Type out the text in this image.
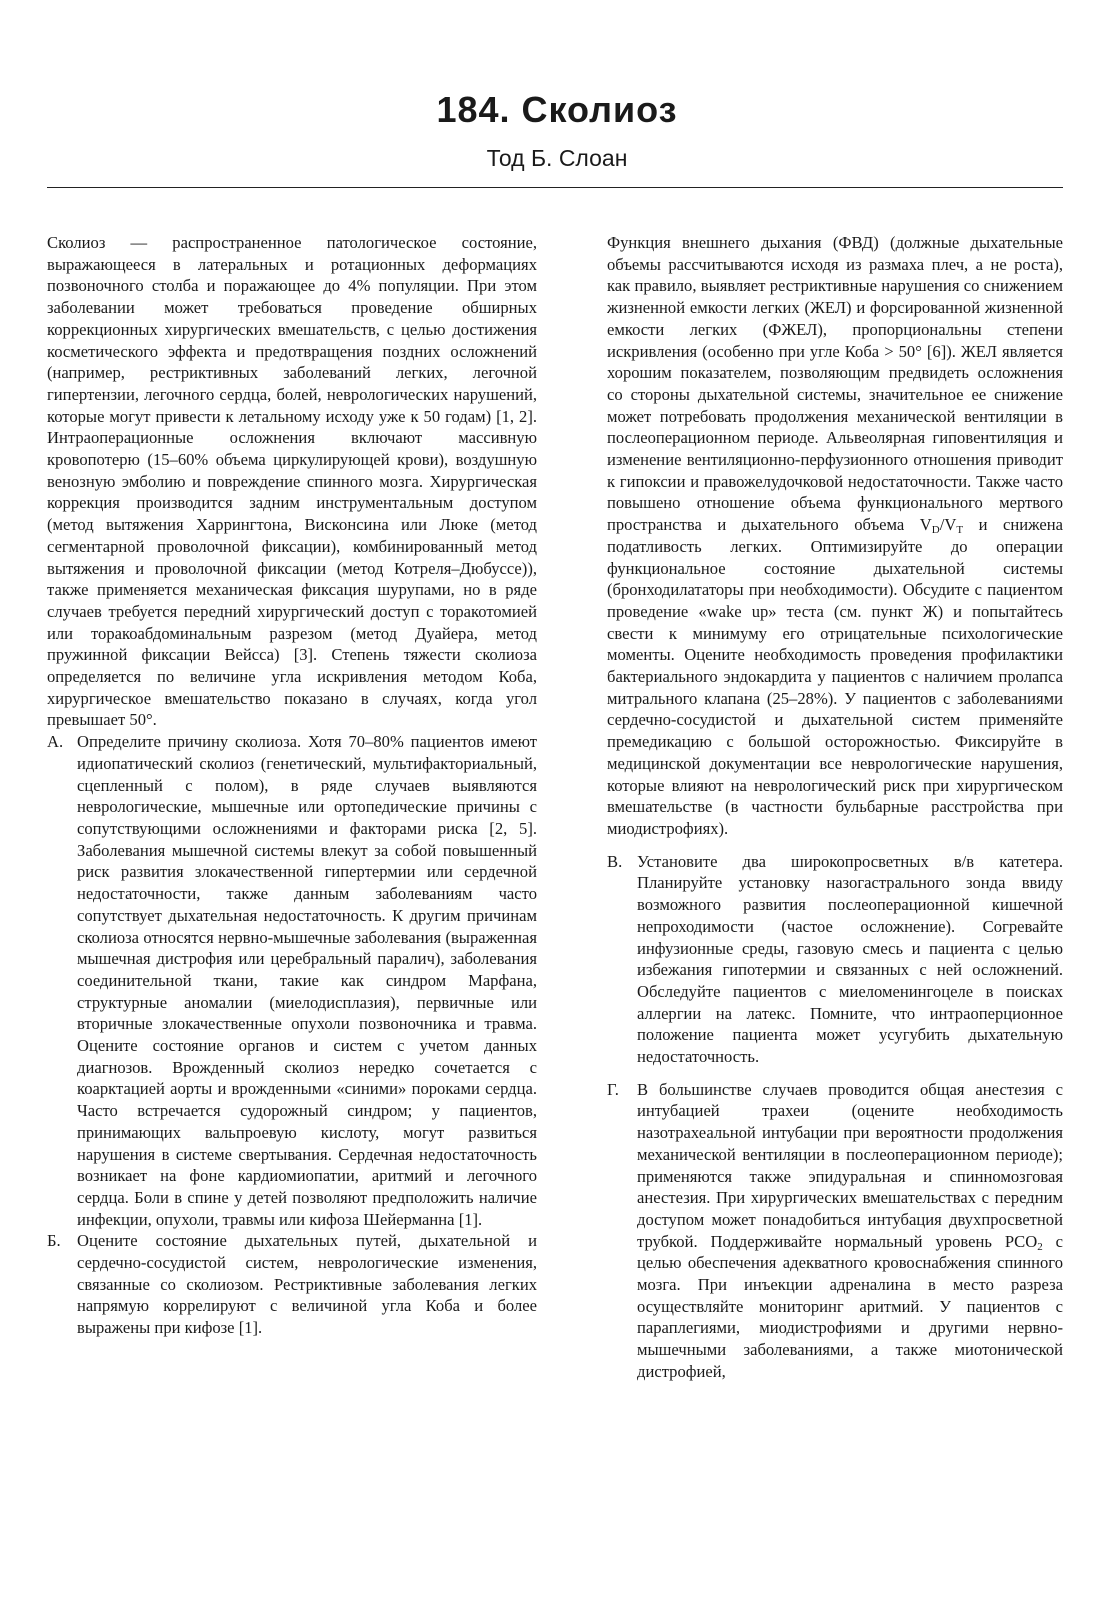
184. Сколиоз
Тод Б. Слоан

Сколиоз — распространенное патологическое состояние, выражающееся в латеральных и ротационных деформациях позвоночного столба и поражающее до 4% популяции. При этом заболевании может требоваться проведение обширных коррекционных хирургических вмешательств, с целью достижения косметического эффекта и предотвращения поздних осложнений (например, рестриктивных заболеваний легких, легочной гипертензии, легочного сердца, болей, неврологических нарушений, которые могут привести к летальному исходу уже к 50 годам) [1, 2]. Интраоперационные осложнения включают массивную кровопотерю (15–60% объема циркулирующей крови), воздушную венозную эмболию и повреждение спинного мозга. Хирургическая коррекция производится задним инструментальным доступом (метод вытяжения Харрингтона, Висконсина или Люке (метод сегментарной проволочной фиксации), комбинированный метод вытяжения и проволочной фиксации (метод Котреля–Дюбуссе)), также применяется механическая фиксация шурупами, но в ряде случаев требуется передний хирургический доступ с торакотомией или торакоабдоминальным разрезом (метод Дуайера, метод пружинной фиксации Вейсса) [3]. Степень тяжести сколиоза определяется по величине угла искривления методом Коба, хирургическое вмешательство показано в случаях, когда угол превышает 50°.

А. Определите причину сколиоза. Хотя 70–80% пациентов имеют идиопатический сколиоз (генетический, мультифакториальный, сцепленный с полом), в ряде случаев выявляются неврологические, мышечные или ортопедические причины с сопутствующими осложнениями и факторами риска [2, 5]. Заболевания мышечной системы влекут за собой повышенный риск развития злокачественной гипертермии или сердечной недостаточности, также данным заболеваниям часто сопутствует дыхательная недостаточность. К другим причинам сколиоза относятся нервно-мышечные заболевания (выраженная мышечная дистрофия или церебральный паралич), заболевания соединительной ткани, такие как синдром Марфана, структурные аномалии (миелодисплазия), первичные или вторичные злокачественные опухоли позвоночника и травма. Оцените состояние органов и систем с учетом данных диагнозов. Врожденный сколиоз нередко сочетается с коарктацией аорты и врожденными «синими» пороками сердца. Часто встречается судорожный синдром; у пациентов, принимающих вальпроевую кислоту, могут развиться нарушения в системе свертывания. Сердечная недостаточность возникает на фоне кардиомиопатии, аритмий и легочного сердца. Боли в спине у детей позволяют предположить наличие инфекции, опухоли, травмы или кифоза Шейерманна [1].

Б. Оцените состояние дыхательных путей, дыхательной и сердечно-сосудистой систем, неврологические изменения, связанные со сколиозом. Рестриктивные заболевания легких напрямую коррелируют с величиной угла Коба и более выражены при кифозе [1].

Функция внешнего дыхания (ФВД) (должные дыхательные объемы рассчитываются исходя из размаха плеч, а не роста), как правило, выявляет рестриктивные нарушения со снижением жизненной емкости легких (ЖЕЛ) и форсированной жизненной емкости легких (ФЖЕЛ), пропорциональны степени искривления (особенно при угле Коба > 50° [6]). ЖЕЛ является хорошим показателем, позволяющим предвидеть осложнения со стороны дыхательной системы, значительное ее снижение может потребовать продолжения механической вентиляции в послеоперационном периоде. Альвеолярная гиповентиляция и изменение вентиляционно-перфузионного отношения приводит к гипоксии и правожелудочковой недостаточности. Также часто повышено отношение объема функционального мертвого пространства и дыхательного объема $V_D/V_T$ и снижена податливость легких. Оптимизируйте до операции функциональное состояние дыхательной системы (бронходилататоры при необходимости). Обсудите с пациентом проведение «wake up» теста (см. пункт Ж) и попытайтесь свести к минимуму его отрицательные психологические моменты. Оцените необходимость проведения профилактики бактериального эндокардита у пациентов с наличием пролапса митрального клапана (25–28%). У пациентов с заболеваниями сердечно-сосудистой и дыхательной систем применяйте премедикацию с большой осторожностью. Фиксируйте в медицинской документации все неврологические нарушения, которые влияют на неврологический риск при хирургическом вмешательстве (в частности бульбарные расстройства при миодистрофиях).

В. Установите два широкопросветных в/в катетера. Планируйте установку назогастрального зонда ввиду возможного развития послеоперационной кишечной непроходимости (частое осложнение). Согревайте инфузионные среды, газовую смесь и пациента с целью избежания гипотермии и связанных с ней осложнений. Обследуйте пациентов с миеломенингоцеле в поисках аллергии на латекс. Помните, что интраоперционное положение пациента может усугубить дыхательную недостаточность.

Г. В большинстве случаев проводится общая анестезия с интубацией трахеи (оцените необходимость назотрахеальной интубации при вероятности продолжения механической вентиляции в послеоперационном периоде); применяются также эпидуральная и спинномозговая анестезия. При хирургических вмешательствах с передним доступом может понадобиться интубация двухпросветной трубкой. Поддерживайте нормальный уровень $PCO_2$ с целью обеспечения адекватного кровоснабжения спинного мозга. При инъекции адреналина в место разреза осуществляйте мониторинг аритмий. У пациентов с параплегиями, миодистрофиями и другими нервно-мышечными заболеваниями, а также миотонической дистрофией,
